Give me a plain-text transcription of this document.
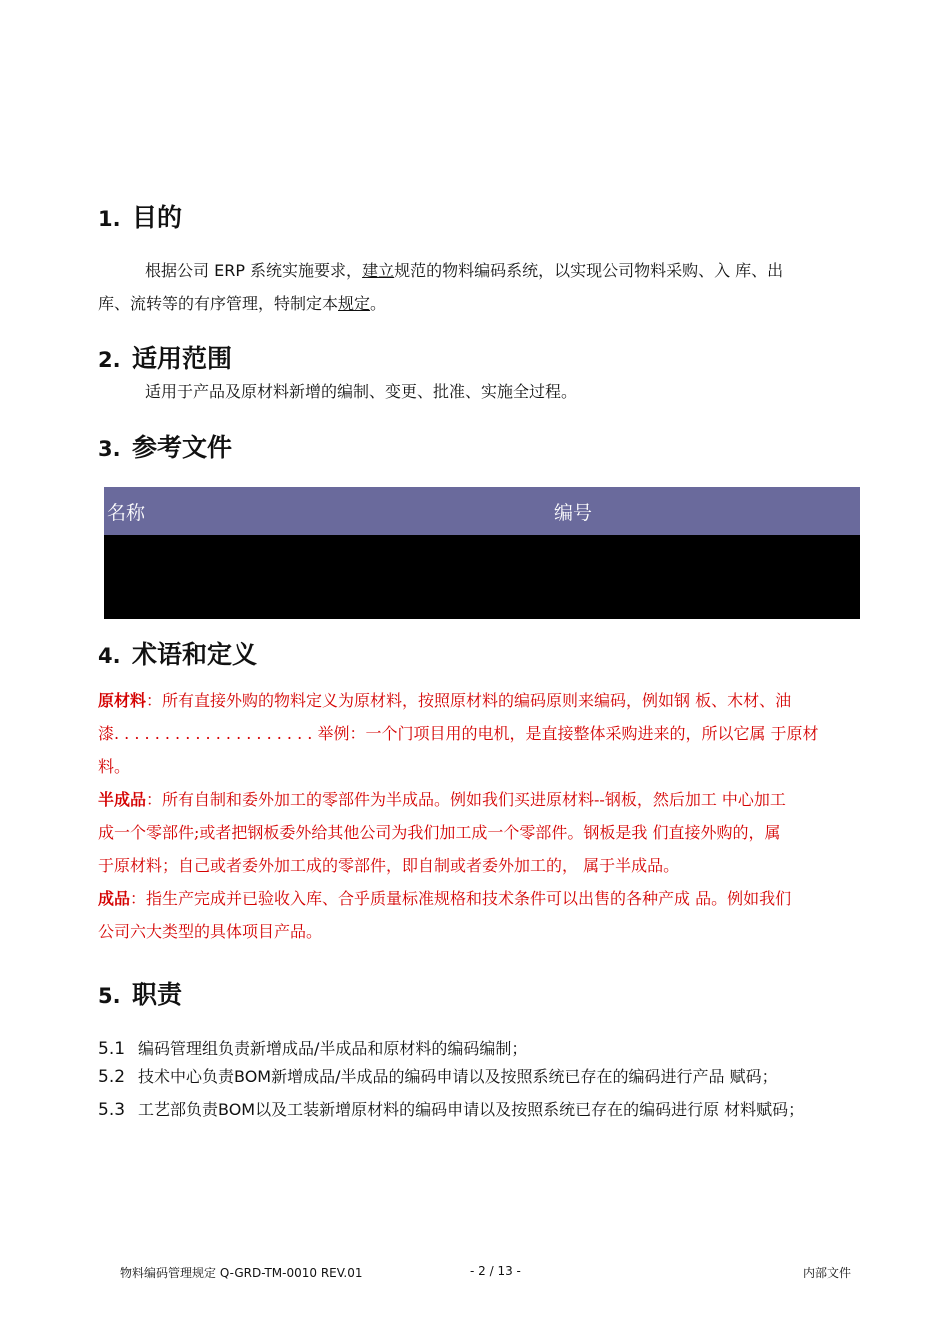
1. 目的
根据公司 ERP 系统实施要求，建立规范的物料编码系统，以实现公司物料采购、入 库、出
库、流转等的有序管理，特制定本规定。
2. 适用范围
适用于产品及原材料新增的编制、变更、批准、实施全过程。
3. 参考文件
名称	编号

4. 术语和定义
原材料：所有直接外购的物料定义为原材料，按照原材料的编码原则来编码，例如钢 板、木材、油
漆. . . . . . . . . . . . . . . . . . . . 举例：一个门项目用的电机，是直接整体采购进来的，所以它属 于原材
料。
半成品：所有自制和委外加工的零部件为半成品。例如我们买进原材料--钢板，然后加工 中心加工
成一个零部件;或者把钢板委外给其他公司为我们加工成一个零部件。钢板是我 们直接外购的，属
于原材料；自己或者委外加工成的零部件，即自制或者委外加工的， 属于半成品。
成品：指生产完成并已验收入库、合乎质量标准规格和技术条件可以出售的各种产成 品。例如我们
公司六大类型的具体项目产品。
5. 职责
5.1 编码管理组负责新增成品/半成品和原材料的编码编制；
5.2 技术中心负责BOM新增成品/半成品的编码申请以及按照系统已存在的编码进行产品 赋码；
5.3 工艺部负责BOM以及工装新增原材料的编码申请以及按照系统已存在的编码进行原 材料赋码；
物料编码管理规定 Q-GRD-TM-0010 REV.01	- 2 / 13 -	内部文件
